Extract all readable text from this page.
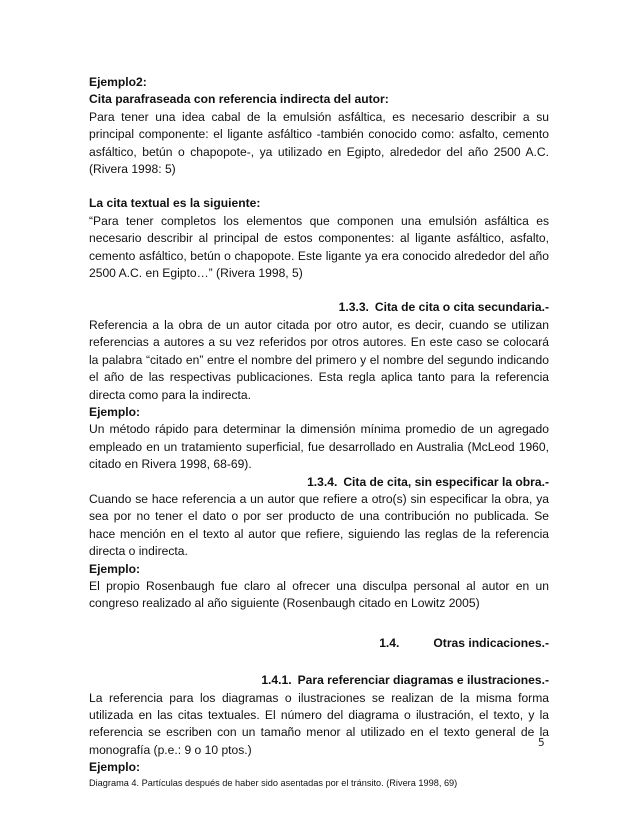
Ejemplo2:

Cita parafraseada con referencia indirecta del autor:

Para tener una idea cabal de la emulsión asfáltica, es necesario describir a su principal componente: el ligante asfáltico -también conocido como: asfalto, cemento asfáltico, betún o chapopote-, ya utilizado en Egipto, alrededor del año 2500 A.C. (Rivera 1998: 5)

La cita textual es la siguiente:

“Para tener completos los elementos que componen una emulsión asfáltica es necesario describir al principal de estos componentes: al ligante asfáltico, asfalto, cemento asfáltico, betún o chapopote. Este ligante ya era conocido alrededor del año 2500 A.C. en Egipto…” (Rivera 1998, 5)

1.3.3. Cita de cita o cita secundaria.-

Referencia a la obra de un autor citada por otro autor, es decir, cuando se utilizan referencias a autores a su vez referidos por otros autores. En este caso se colocará la palabra “citado en” entre el nombre del primero y el nombre del segundo indicando el año de las respectivas publicaciones. Esta regla aplica tanto para la referencia directa como para la indirecta.

Ejemplo:

Un método rápido para determinar la dimensión mínima promedio de un agregado empleado en un tratamiento superficial, fue desarrollado en Australia (McLeod 1960, citado en Rivera 1998, 68-69).

1.3.4. Cita de cita, sin especificar la obra.-

Cuando se hace referencia a un autor que refiere a otro(s) sin especificar la obra, ya sea por no tener el dato o por ser producto de una contribución no publicada. Se hace mención en el texto al autor que refiere, siguiendo las reglas de la referencia directa o indirecta.

Ejemplo:

El propio Rosenbaugh fue claro al ofrecer una disculpa personal al autor en un congreso realizado al año siguiente (Rosenbaugh citado en Lowitz 2005)

1.4.	Otras indicaciones.-

1.4.1. Para referenciar diagramas e ilustraciones.-

La referencia para los diagramas o ilustraciones se realizan de la misma forma utilizada en las citas textuales. El número del diagrama o ilustración, el texto, y la referencia se escriben con un tamaño menor al utilizado en el texto general de la monografía (p.e.: 9 o 10 ptos.)

Ejemplo:

Diagrama 4. Partículas después de haber sido asentadas por el tránsito. (Rivera 1998, 69)

5
